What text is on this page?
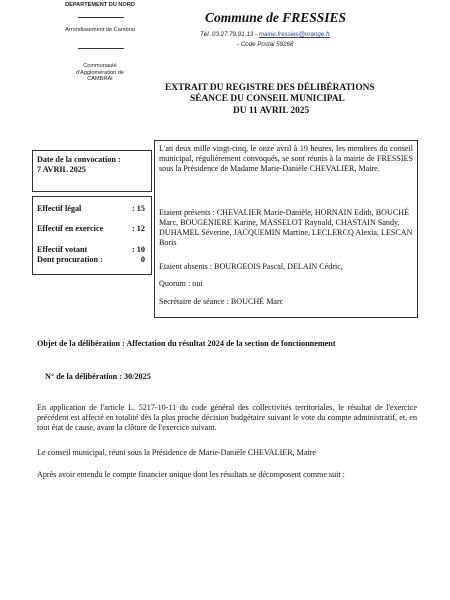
DEPARTEMENT DU NORD
Arrondissement de Cambrai
Communauté
d'Agglomération de
CAMBRAI
Commune de FRESSIES
Tél. 03.27.79.91.13 - mairie.fressies@orange.fr
- Code Postal 59268
EXTRAIT DU REGISTRE DES DÉLIBÉRATIONS
SÉANCE DU CONSEIL MUNICIPAL
DU 11 AVRIL 2025
Date de la convocation :
7 AVRIL 2025
Effectif légal	: 15
Effectif en exercice	: 12
Effectif votant	: 10
Dont procuration :	0
L'an deux mille vingt-cinq, le onze avril à 19 heures, les membres du conseil municipal, régulièrement convoqués, se sont réunis à la mairie de FRESSIES sous la Présidence de Madame Marie-Danièle CHEVALIER, Maire.
Etaient présents : CHEVALIER Marie-Danièle, HORNAIN Edith, BOUCHÉ Marc, BOUGENIERE Karine, MASSELOT Raynald, CHASTAIN Sandy, DUHAMEL Séverine, JACQUEMIN Martine, LECLERCQ Alexia, LESCAN Boris
Etaient absents : BOURGEOIS Pascal, DELAIN Cédric,
Quorum : oui
Secrétaire de séance : BOUCHÉ Marc
Objet de la délibération : Affectation du résultat 2024 de la section de fonctionnement
N° de la délibération : 30/2025
En application de l'article L. 5217-10-11 du code général des collectivités territoriales, le résultat de l'exercice précédent est affecté en totalité dès la plus proche décision budgétaire suivant le vote du compte administratif, et, en tout état de cause, avant la clôture de l'exercice suivant.
Le conseil municipal, réuni sous la Présidence de Marie-Danièle CHEVALIER, Maire
Après avoir entendu le compte financier unique dont les résultats se décomposent comme suit :
